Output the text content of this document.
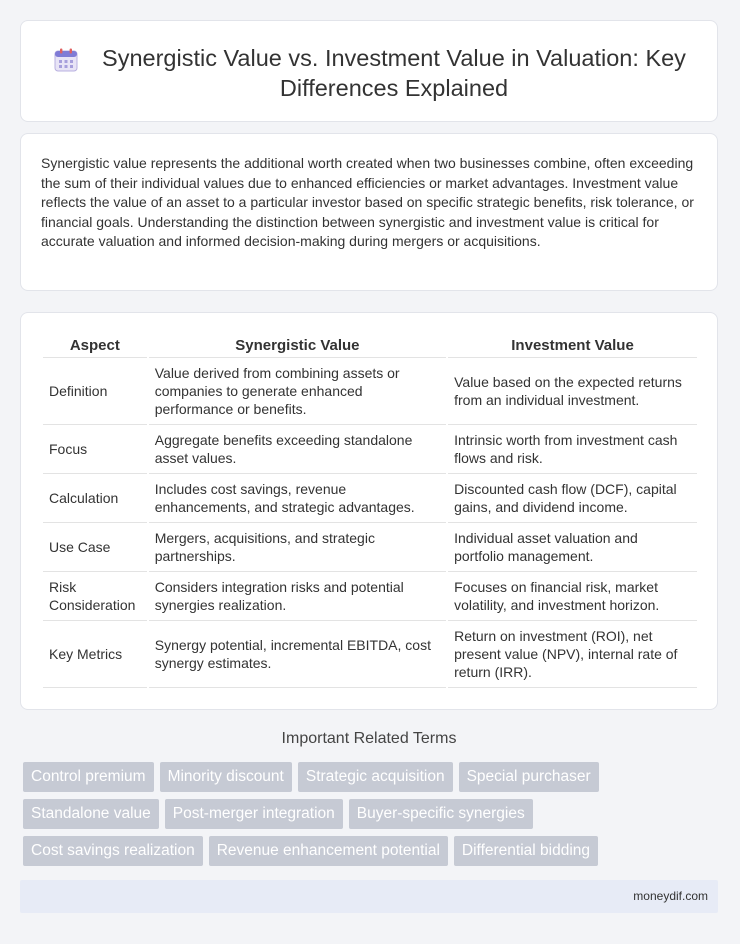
Synergistic Value vs. Investment Value in Valuation: Key Differences Explained

Synergistic value represents the additional worth created when two businesses combine, often exceeding the sum of their individual values due to enhanced efficiencies or market advantages. Investment value reflects the value of an asset to a particular investor based on specific strategic benefits, risk tolerance, or financial goals. Understanding the distinction between synergistic and investment value is critical for accurate valuation and informed decision-making during mergers or acquisitions.

Aspect	Synergistic Value	Investment Value
Definition	Value derived from combining assets or companies to generate enhanced performance or benefits.	Value based on the expected returns from an individual investment.
Focus	Aggregate benefits exceeding standalone asset values.	Intrinsic worth from investment cash flows and risk.
Calculation	Includes cost savings, revenue enhancements, and strategic advantages.	Discounted cash flow (DCF), capital gains, and dividend income.
Use Case	Mergers, acquisitions, and strategic partnerships.	Individual asset valuation and portfolio management.
Risk Consideration	Considers integration risks and potential synergies realization.	Focuses on financial risk, market volatility, and investment horizon.
Key Metrics	Synergy potential, incremental EBITDA, cost synergy estimates.	Return on investment (ROI), net present value (NPV), internal rate of return (IRR).
Important Related Terms
Control premium	Minority discount	Strategic acquisition	Special purchaser
Standalone value	Post-merger integration	Buyer-specific synergies
Cost savings realization	Revenue enhancement potential	Differential bidding
moneydif.com
